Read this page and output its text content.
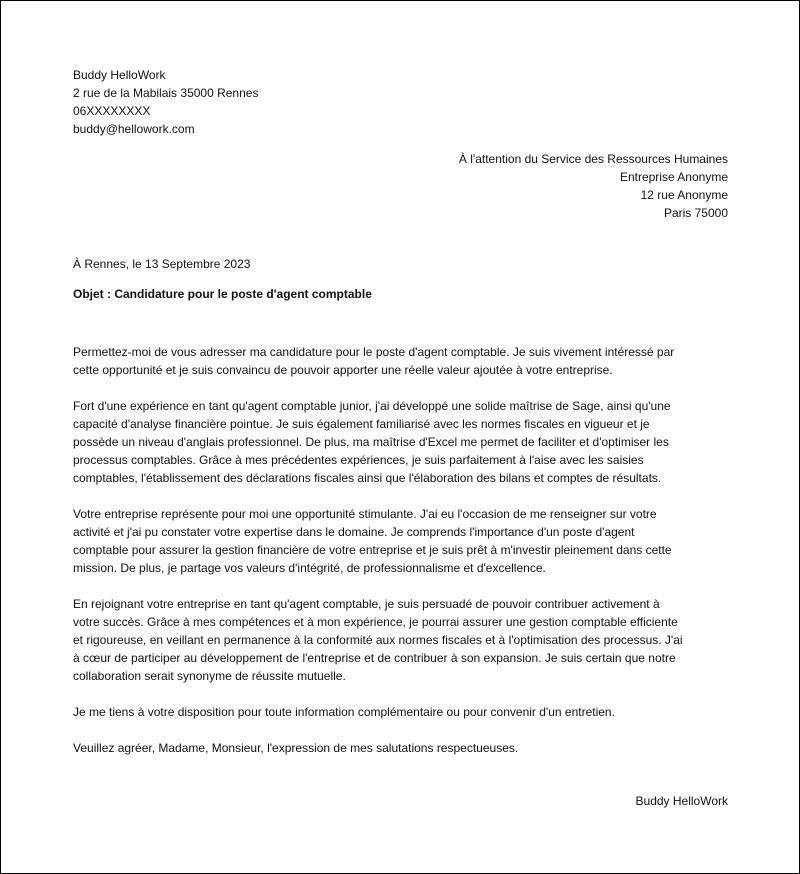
Buddy HelloWork
2 rue de la Mabilais 35000 Rennes
06XXXXXXXX
buddy@hellowork.com
À l'attention du Service des Ressources Humaines
Entreprise Anonyme
12 rue Anonyme
Paris 75000
À Rennes, le 13 Septembre 2023
Objet : Candidature pour le poste d'agent comptable
Permettez-moi de vous adresser ma candidature pour le poste d'agent comptable. Je suis vivement intéressé par
cette opportunité et je suis convaincu de pouvoir apporter une réelle valeur ajoutée à votre entreprise.
Fort d'une expérience en tant qu'agent comptable junior, j'ai développé une solide maîtrise de Sage, ainsi qu'une
capacité d'analyse financière pointue. Je suis également familiarisé avec les normes fiscales en vigueur et je
possède un niveau d'anglais professionnel. De plus, ma maîtrise d'Excel me permet de faciliter et d'optimiser les
processus comptables. Grâce à mes précédentes expériences, je suis parfaitement à l'aise avec les saisies
comptables, l'établissement des déclarations fiscales ainsi que l'élaboration des bilans et comptes de résultats.
Votre entreprise représente pour moi une opportunité stimulante. J'ai eu l'occasion de me renseigner sur votre
activité et j'ai pu constater votre expertise dans le domaine. Je comprends l'importance d'un poste d'agent
comptable pour assurer la gestion financière de votre entreprise et je suis prêt à m'investir pleinement dans cette
mission. De plus, je partage vos valeurs d'intégrité, de professionnalisme et d'excellence.
En rejoignant votre entreprise en tant qu'agent comptable, je suis persuadé de pouvoir contribuer activement à
votre succès. Grâce à mes compétences et à mon expérience, je pourrai assurer une gestion comptable efficiente
et rigoureuse, en veillant en permanence à la conformité aux normes fiscales et à l'optimisation des processus. J'ai
à cœur de participer au développement de l'entreprise et de contribuer à son expansion. Je suis certain que notre
collaboration serait synonyme de réussite mutuelle.
Je me tiens à votre disposition pour toute information complémentaire ou pour convenir d'un entretien.
Veuillez agréer, Madame, Monsieur, l'expression de mes salutations respectueuses.
Buddy HelloWork
